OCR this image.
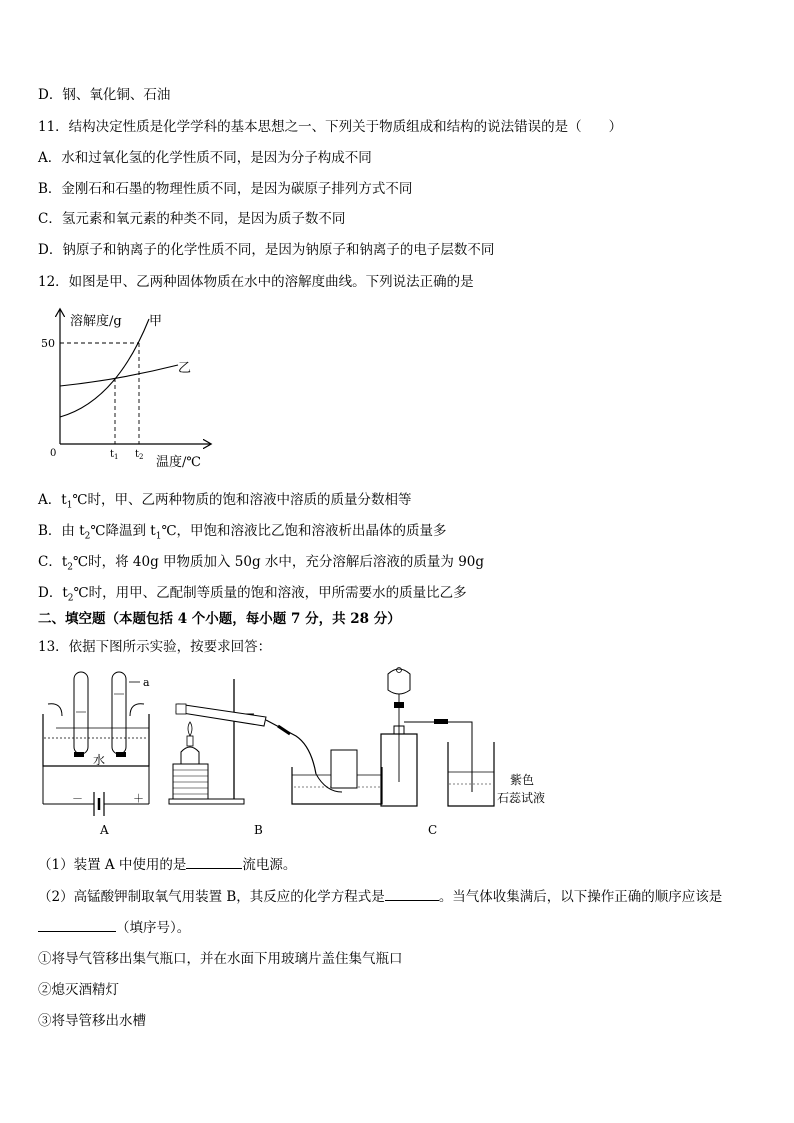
D．钢、氧化铜、石油
11．结构决定性质是化学学科的基本思想之一、下列关于物质组成和结构的说法错误的是（　　）
A．水和过氧化氢的化学性质不同，是因为分子构成不同
B．金刚石和石墨的物理性质不同，是因为碳原子排列方式不同
C．氢元素和氧元素的种类不同，是因为质子数不同
D．钠原子和钠离子的化学性质不同，是因为钠原子和钠离子的电子层数不同
12．如图是甲、乙两种固体物质在水中的溶解度曲线。下列说法正确的是
溶解度/g
温度/℃
0
50
甲
乙
$t_1$ $t_2$
A．$t_1℃$时，甲、乙两种物质的饱和溶液中溶质的质量分数相等
B．由 $t_2℃$降温到 $t_1℃$，甲饱和溶液比乙饱和溶液析出晶体的质量多
C．$t_2℃$时，将 40g 甲物质加入 50g 水中，充分溶解后溶液的质量为 90g
D．$t_2℃$时，用甲、乙配制等质量的饱和溶液，甲所需要水的质量比乙多
二、填空题（本题包括 4 个小题，每小题 7 分，共 28 分）
13．依据下图所示实验，按要求回答：
a
水
－	＋
A	B
紫色
石蕊试液
C
（1）装置 A 中使用的是	流电源。
（2）高锰酸钾制取氧气用装置 B，其反应的化学方程式是	。当气体收集满后，以下操作正确的顺序应该是
（填序号）。
①将导气管移出集气瓶口，并在水面下用玻璃片盖住集气瓶口
②熄灭酒精灯
③将导管移出水槽
